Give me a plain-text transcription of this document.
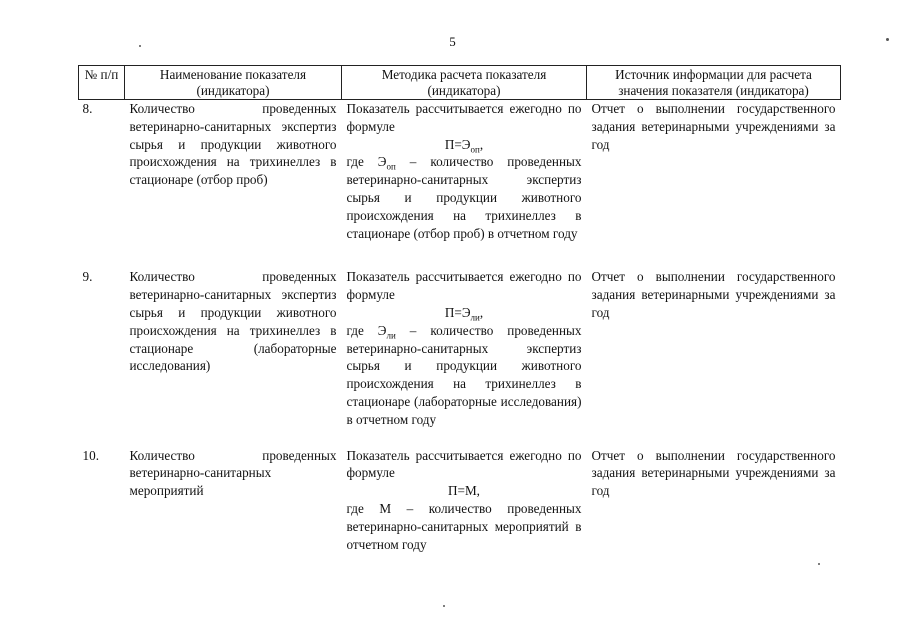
5
№ п/п	Наименование показателя (индикатора)	Методика расчета показателя (индикатора)	Источник информации для расчета значения показателя (индикатора)
8.	Количество проведенных ветеринарно-санитарных экспертиз сырья и продукции животного происхождения на трихинеллез в стационаре (отбор проб)	Показатель рассчитывается ежегодно по формуле
$П=Э_{оп}$,
где $Э_{оп}$ – количество проведенных ветеринарно-санитарных экспертиз сырья и продукции животного происхождения на трихинеллез в стационаре (отбор проб) в отчетном году	Отчет о выполнении государственного задания ветеринарными учреждениями за год

9.	Количество проведенных ветеринарно-санитарных экспертиз сырья и продукции животного происхождения на трихинеллез в стационаре (лабораторные исследования)	Показатель рассчитывается ежегодно по формуле
$П=Э_{ли}$,
где $Э_{ли}$ – количество проведенных ветеринарно-санитарных экспертиз сырья и продукции животного происхождения на трихинеллез в стационаре (лабораторные исследования) в отчетном году	Отчет о выполнении государственного задания ветеринарными учреждениями за год

10.	Количество проведенных ветеринарно-санитарных мероприятий	Показатель рассчитывается ежегодно по формуле
П=М,
где М – количество проведенных ветеринарно-санитарных мероприятий в отчетном году	Отчет о выполнении государственного задания ветеринарными учреждениями за год
